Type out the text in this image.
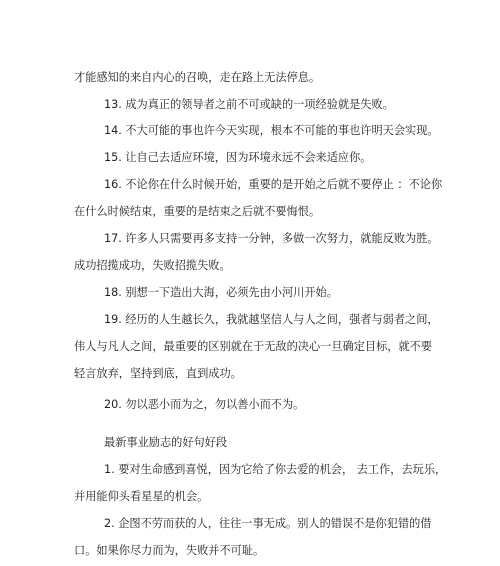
才能感知的来自内心的召唤，走在路上无法停息。
13. 成为真正的领导者之前不可或缺的一项经验就是失败。
14. 不大可能的事也许今天实现，根本不可能的事也许明天会实现。
15. 让自己去适应环境，因为环境永远不会来适应你。
16. 不论你在什么时候开始，重要的是开始之后就不要停止 ：不论你
在什么时候结束，重要的是结束之后就不要悔恨。
17. 许多人只需要再多支持一分钟，多做一次努力，就能反败为胜。
成功招揽成功，失败招揽失败。
18. 别想一下造出大海，必须先由小河川开始。
19. 经历的人生越长久，我就越坚信人与人之间，强者与弱者之间，
伟人与凡人之间，最重要的区别就在于无敌的决心一旦确定目标，就不要
轻言放弃，坚持到底，直到成功。
20. 勿以恶小而为之，勿以善小而不为。
最新事业励志的好句好段
1. 要对生命感到喜悦，因为它给了你去爱的机会， 去工作，去玩乐，
并用能仰头看星星的机会。
2. 企图不劳而获的人，往往一事无成。别人的错误不是你犯错的借
口。如果你尽力而为，失败并不可耻。
